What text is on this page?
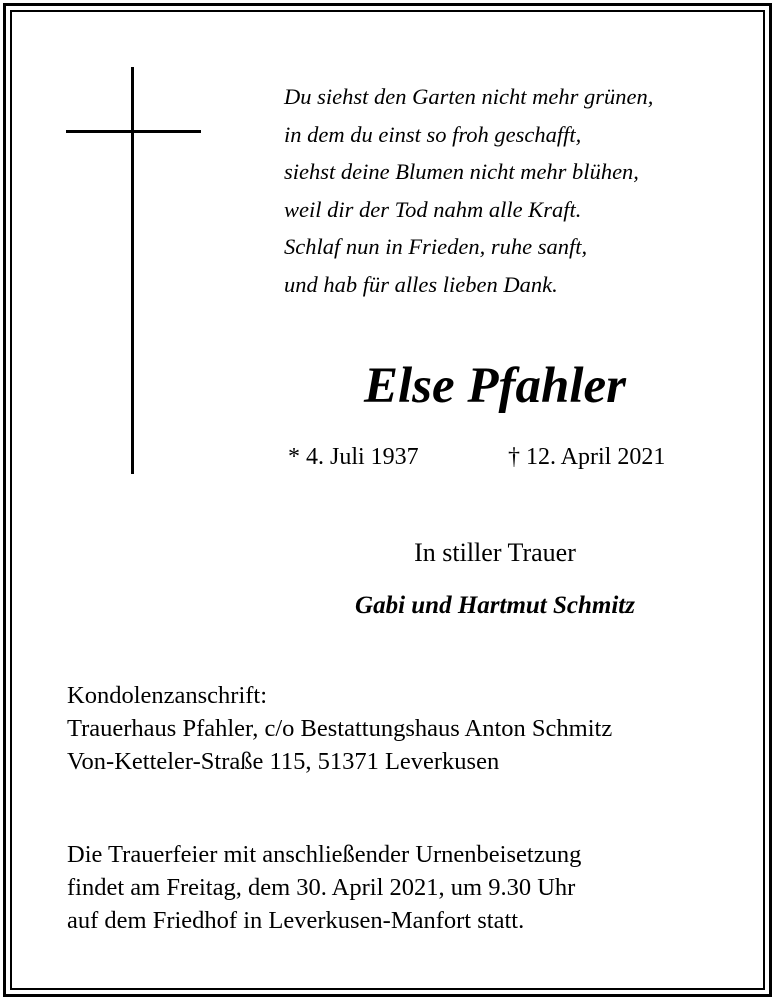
Du siehst den Garten nicht mehr grünen,
in dem du einst so froh geschafft,
siehst deine Blumen nicht mehr blühen,
weil dir der Tod nahm alle Kraft.
Schlaf nun in Frieden, ruhe sanft,
und hab für alles lieben Dank.
Else Pfahler
* 4. Juli 1937	† 12. April 2021
In stiller Trauer
Gabi und Hartmut Schmitz
Kondolenzanschrift:
Trauerhaus Pfahler, c/o Bestattungshaus Anton Schmitz
Von-Ketteler-Straße 115, 51371 Leverkusen
Die Trauerfeier mit anschließender Urnenbeisetzung
findet am Freitag, dem 30. April 2021, um 9.30 Uhr
auf dem Friedhof in Leverkusen-Manfort statt.
